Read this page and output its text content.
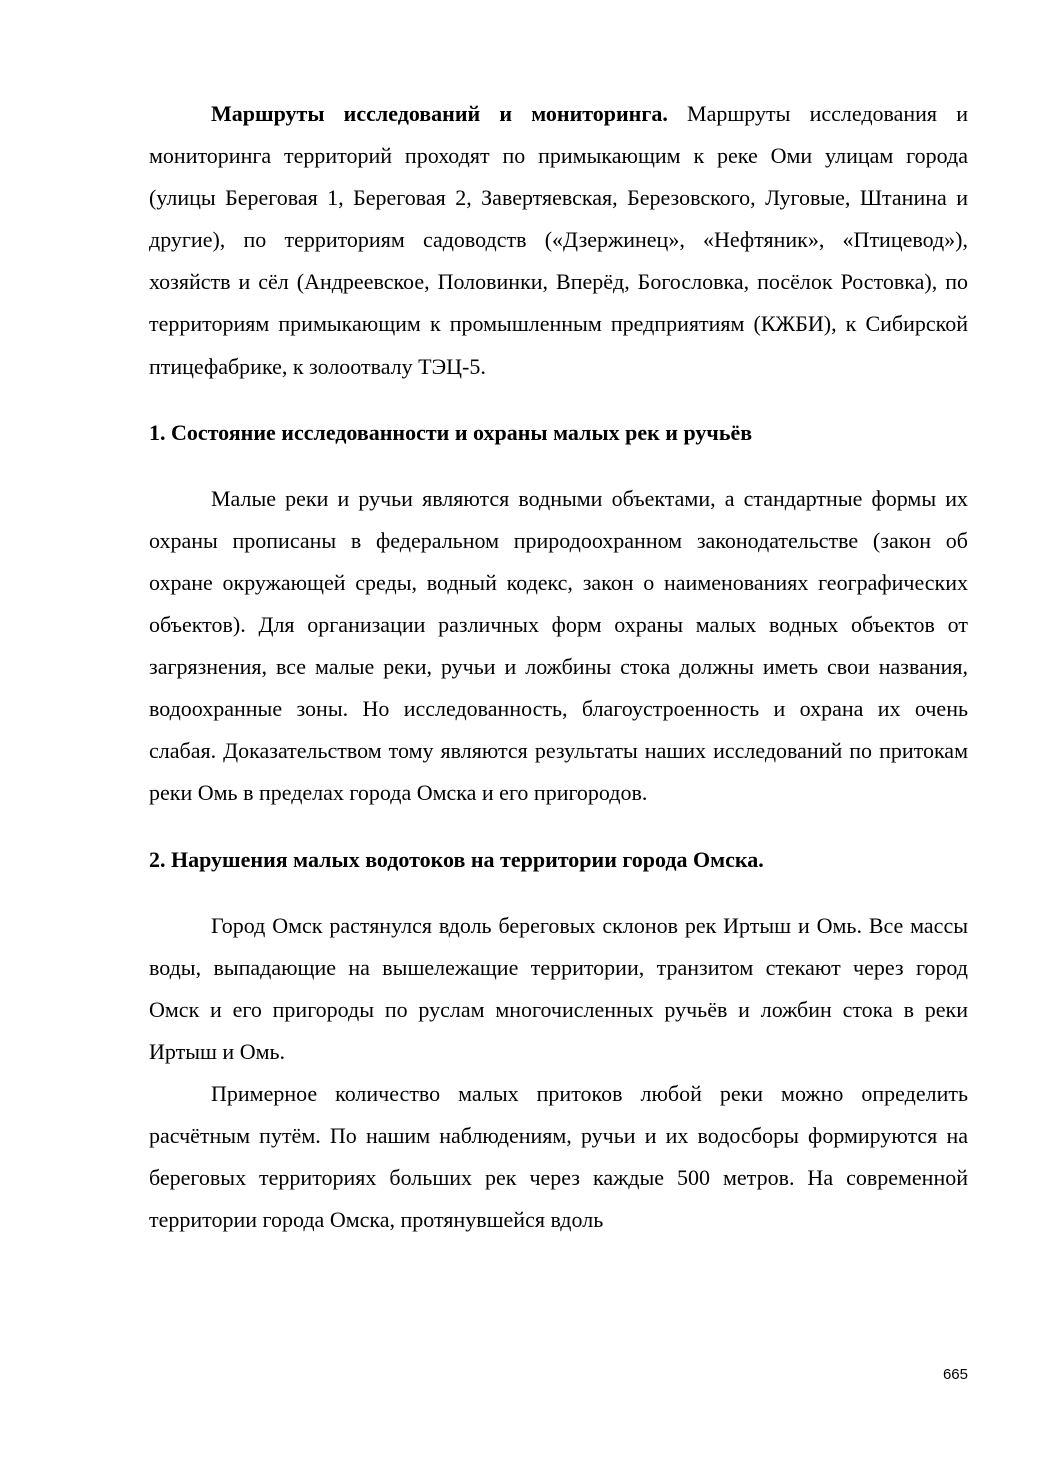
Маршруты исследований и мониторинга. Маршруты исследования и мониторинга территорий проходят по примыкающим к реке Оми улицам города (улицы Береговая 1, Береговая 2, Завертяевская, Березовского, Луговые, Штанина и другие), по территориям садоводств («Дзержинец», «Нефтяник», «Птицевод»), хозяйств и сёл (Андреевское, Половинки, Вперёд, Богословка, посёлок Ростовка), по территориям примыкающим к промышленным предприятиям (КЖБИ), к Сибирской птицефабрике, к золоотвалу ТЭЦ-5.

1. Состояние исследованности и охраны малых рек и ручьёв

Малые реки и ручьи являются водными объектами, а стандартные формы их охраны прописаны в федеральном природоохранном законодательстве (закон об охране окружающей среды, водный кодекс, закон о наименованиях географических объектов). Для организации различных форм охраны малых водных объектов от загрязнения, все малые реки, ручьи и ложбины стока должны иметь свои названия, водоохранные зоны. Но исследованность, благоустроенность и охрана их очень слабая. Доказательством тому являются результаты наших исследований по притокам реки Омь в пределах города Омска и его пригородов.

2. Нарушения малых водотоков на территории города Омска.

Город Омск растянулся вдоль береговых склонов рек Иртыш и Омь. Все массы воды, выпадающие на вышележащие территории, транзитом стекают через город Омск и его пригороды по руслам многочисленных ручьёв и ложбин стока в реки Иртыш и Омь.

Примерное количество малых притоков любой реки можно определить расчётным путём. По нашим наблюдениям, ручьи и их водосборы формируются на береговых территориях больших рек через каждые 500 метров. На современной территории города Омска, протянувшейся вдоль

665
